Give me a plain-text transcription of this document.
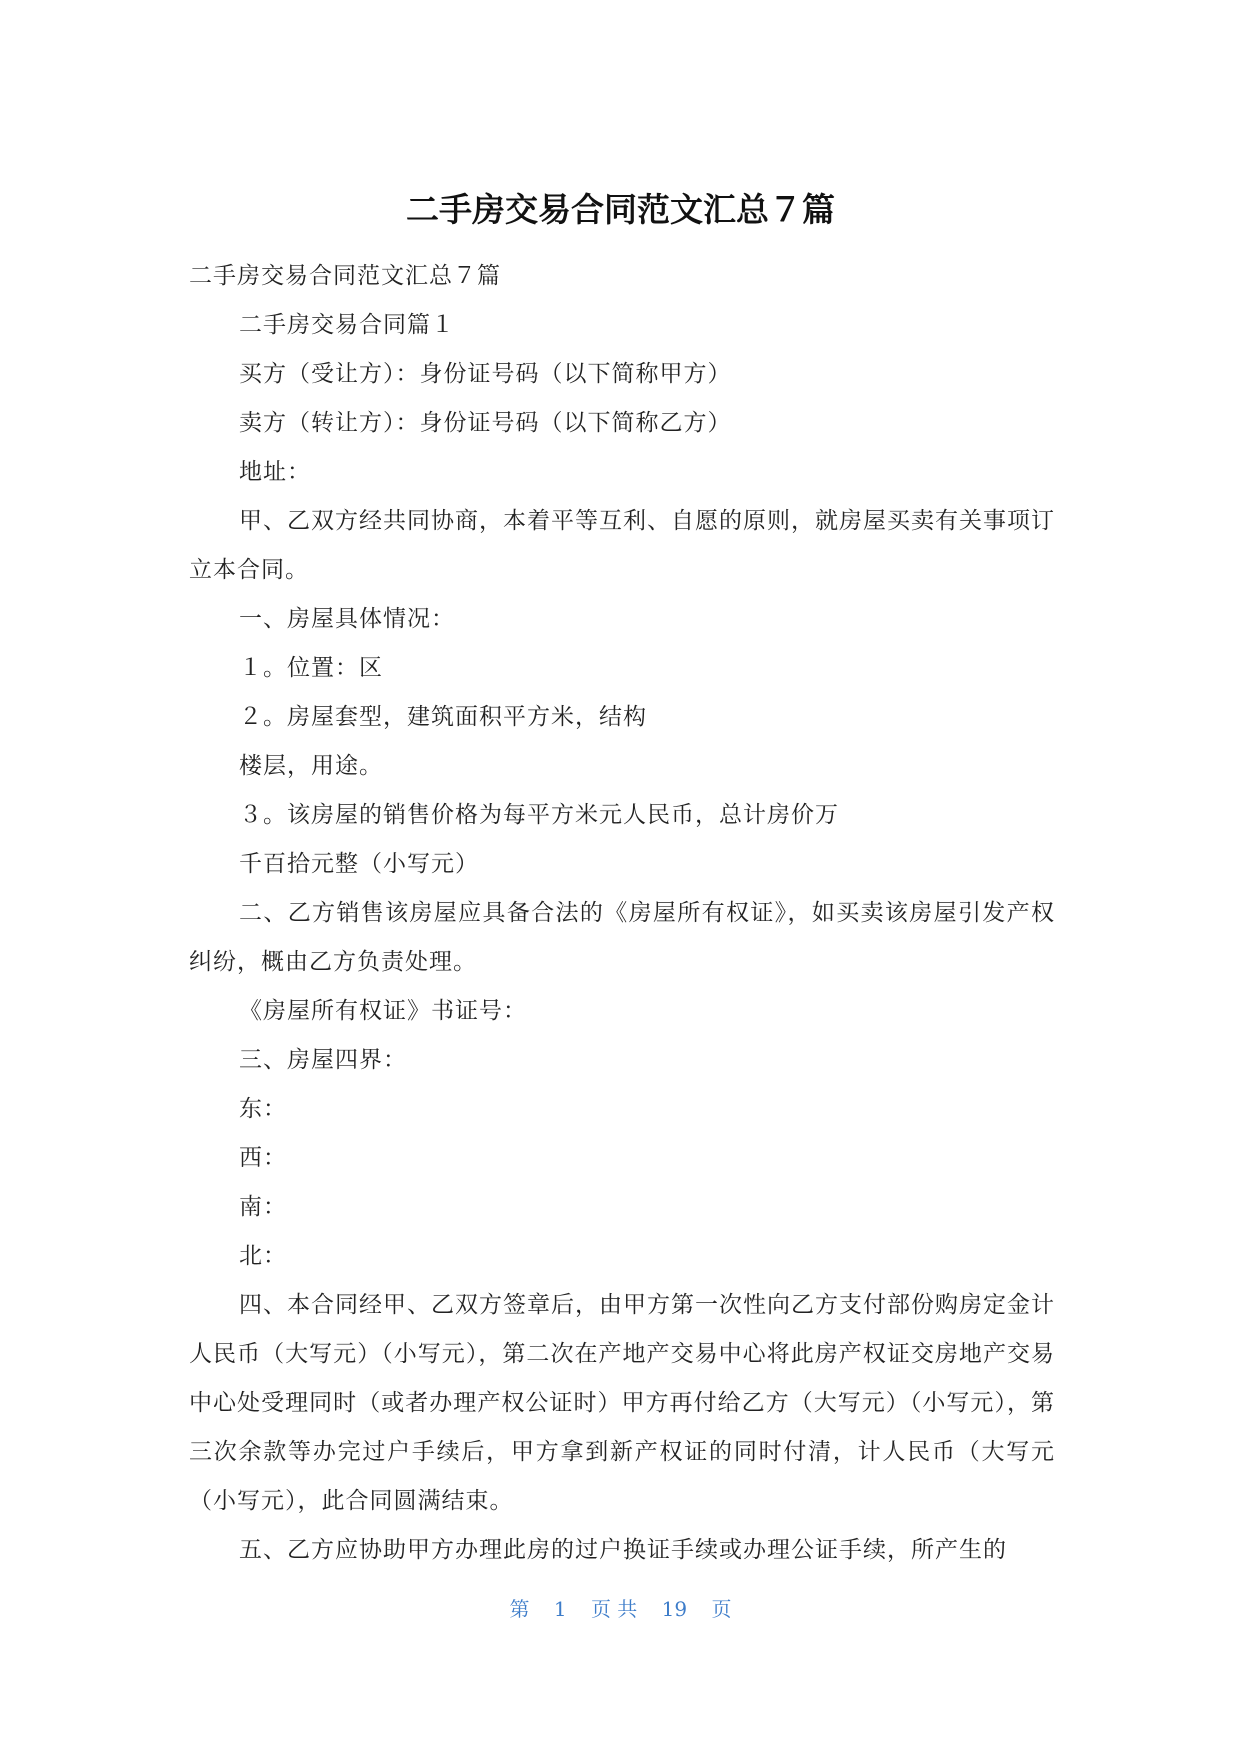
二手房交易合同范文汇总７篇

二手房交易合同范文汇总７篇

二手房交易合同篇１

买方（受让方）：身份证号码（以下简称甲方）

卖方（转让方）：身份证号码（以下简称乙方）

地址：

甲、乙双方经共同协商，本着平等互利、自愿的原则，就房屋买卖有关事项订立本合同。

一、房屋具体情况：

１。位置：区

２。房屋套型，建筑面积平方米，结构

楼层，用途。

３。该房屋的销售价格为每平方米元人民币，总计房价万

千百拾元整（小写元）

二、乙方销售该房屋应具备合法的《房屋所有权证》，如买卖该房屋引发产权纠纷，概由乙方负责处理。

《房屋所有权证》书证号：

三、房屋四界：

东：

西：

南：

北：

四、本合同经甲、乙双方签章后，由甲方第一次性向乙方支付部份购房定金计人民币（大写元）（小写元），第二次在产地产交易中心将此房产权证交房地产交易中心处受理同时（或者办理产权公证时）甲方再付给乙方（大写元）（小写元），第三次余款等办完过户手续后，甲方拿到新产权证的同时付清，计人民币（大写元（小写元），此合同圆满结束。

五、乙方应协助甲方办理此房的过户换证手续或办理公证手续，所产生的

第 1 页 共 19 页
